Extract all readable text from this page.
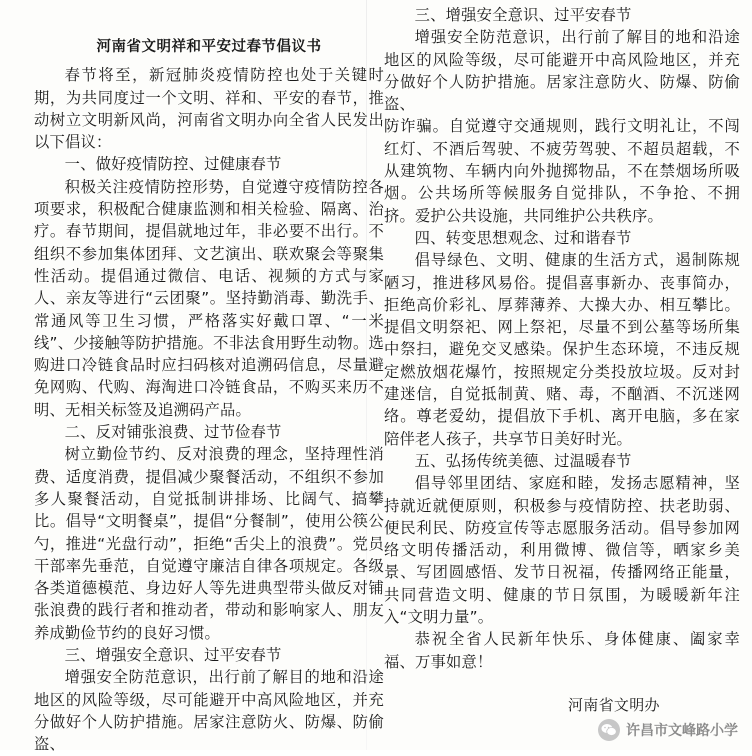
河南省文明祥和平安过春节倡议书

春节将至，新冠肺炎疫情防控也处于关键时期，为共同度过一个文明、祥和、平安的春节，推动树立文明新风尚，河南省文明办向全省人民发出以下倡议：

一、做好疫情防控、过健康春节

积极关注疫情防控形势，自觉遵守疫情防控各项要求，积极配合健康监测和相关检验、隔离、治疗。春节期间，提倡就地过年，非必要不出行。不组织不参加集体团拜、文艺演出、联欢聚会等聚集性活动。提倡通过微信、电话、视频的方式与家人、亲友等进行“云团聚”。坚持勤消毒、勤洗手、常通风等卫生习惯，严格落实好戴口罩、“一米线”、少接触等防护措施。不非法食用野生动物。选购进口冷链食品时应扫码核对追溯码信息，尽量避免网购、代购、海淘进口冷链食品，不购买来历不明、无相关标签及追溯码产品。

二、反对铺张浪费、过节俭春节

树立勤俭节约、反对浪费的理念，坚持理性消费、适度消费，提倡减少聚餐活动，不组织不参加多人聚餐活动，自觉抵制讲排场、比阔气、搞攀比。倡导“文明餐桌”，提倡“分餐制”，使用公筷公勺，推进“光盘行动”，拒绝“舌尖上的浪费”。党员干部率先垂范，自觉遵守廉洁自律各项规定。各级各类道德模范、身边好人等先进典型带头做反对铺张浪费的践行者和推动者，带动和影响家人、朋友养成勤俭节约的良好习惯。

三、增强安全意识、过平安春节

增强安全防范意识，出行前了解目的地和沿途地区的风险等级，尽可能避开中高风险地区，并充分做好个人防护措施。居家注意防火、防爆、防偷盗、

三、增强安全意识、过平安春节

增强安全防范意识，出行前了解目的地和沿途地区的风险等级，尽可能避开中高风险地区，并充分做好个人防护措施。居家注意防火、防爆、防偷盗、

防诈骗。自觉遵守交通规则，践行文明礼让，不闯红灯、不酒后驾驶、不疲劳驾驶、不超员超载，不从建筑物、车辆内向外抛掷物品，不在禁烟场所吸烟。公共场所等候服务自觉排队，不争抢、不拥挤。爱护公共设施，共同维护公共秩序。

四、转变思想观念、过和谐春节

倡导绿色、文明、健康的生活方式，遏制陈规陋习，推进移风易俗。提倡喜事新办、丧事简办，拒绝高价彩礼、厚葬薄养、大操大办、相互攀比。提倡文明祭祀、网上祭祀，尽量不到公墓等场所集中祭扫，避免交叉感染。保护生态环境，不违反规定燃放烟花爆竹，按照规定分类投放垃圾。反对封建迷信，自觉抵制黄、赌、毒，不酗酒、不沉迷网络。尊老爱幼，提倡放下手机、离开电脑，多在家陪伴老人孩子，共享节日美好时光。

五、弘扬传统美德、过温暖春节

倡导邻里团结、家庭和睦，发扬志愿精神，坚持就近就便原则，积极参与疫情防控、扶老助弱、便民利民、防疫宣传等志愿服务活动。倡导参加网络文明传播活动，利用微博、微信等，晒家乡美景、写团圆感悟、发节日祝福，传播网络正能量，共同营造文明、健康的节日氛围，为暖暖新年注入“文明力量”。

恭祝全省人民新年快乐、身体健康、阖家幸福、万事如意！

河南省文明办
许昌市文峰路小学
